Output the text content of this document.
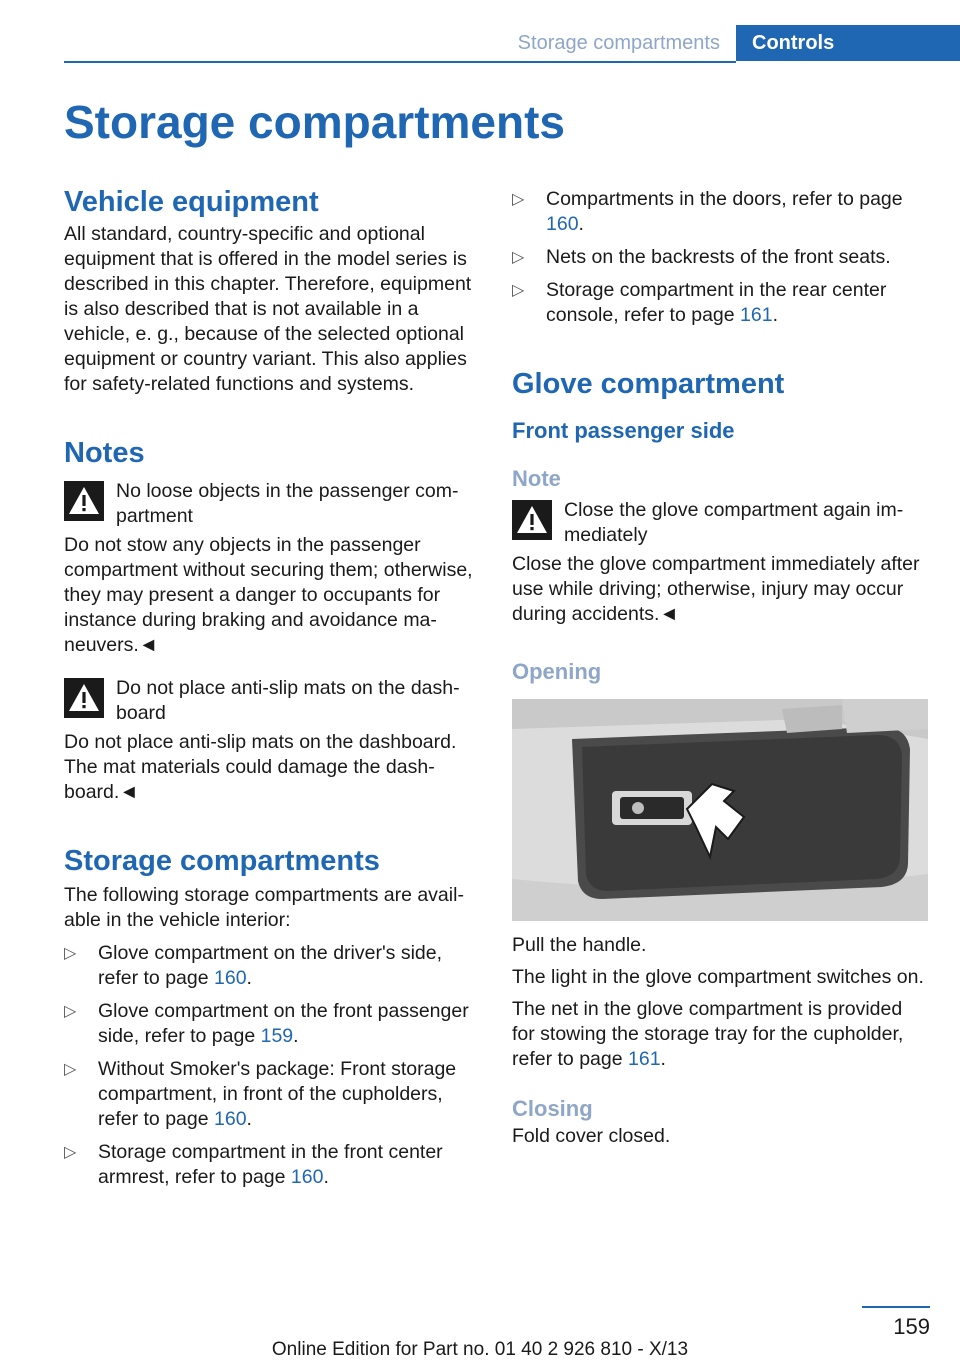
Storage compartments	Controls
Storage compartments
Vehicle equipment

All standard, country-specific and optional equipment that is offered in the model series is described in this chapter. Therefore, equipment is also described that is not available in a vehicle, e. g., because of the selected optional equipment or country variant. This also applies for safety-related functions and systems.

Notes

No loose objects in the passenger compartment

Do not stow any objects in the passenger compartment without securing them; otherwise, they may present a danger to occupants for instance during braking and avoidance maneuvers.◄

Do not place anti-slip mats on the dashboard

Do not place anti-slip mats on the dashboard. The mat materials could damage the dashboard.◄

Storage compartments

The following storage compartments are available in the vehicle interior:

▷ Glove compartment on the driver's side, refer to page 160.
▷ Glove compartment on the front passenger side, refer to page 159.
▷ Without Smoker's package: Front storage compartment, in front of the cupholders, refer to page 160.
▷ Storage compartment in the front center armrest, refer to page 160.
▷ Compartments in the doors, refer to page 160.
▷ Nets on the backrests of the front seats.
▷ Storage compartment in the rear center console, refer to page 161.
Glove compartment
Front passenger side
Note

Close the glove compartment again immediately

Close the glove compartment immediately after use while driving; otherwise, injury may occur during accidents.◄

Opening

Pull the handle.

The light in the glove compartment switches on.

The net in the glove compartment is provided for stowing the storage tray for the cupholder, refer to page 161.

Closing

Fold cover closed.

159
Online Edition for Part no. 01 40 2 926 810 - X/13
